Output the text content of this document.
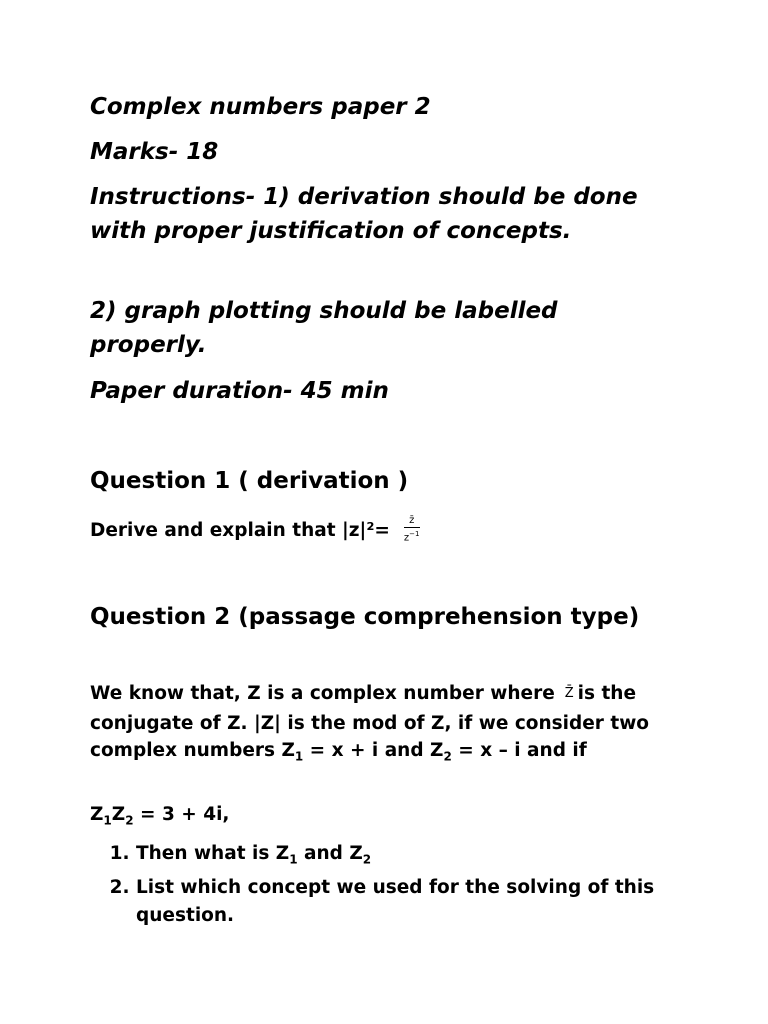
Complex numbers paper 2

Marks- 18

Instructions- 1) derivation should be done with proper justification of concepts.

2) graph plotting should be labelled properly.

Paper duration- 45 min

Question 1 ( derivation )

Derive and explain that $|z|^2= \frac{z̄}{z^{-1}}$

Question 2 (passage comprehension type)

We know that, Z is a complex number where Z̄ is the conjugate of Z. |Z| is the mod of Z, if we consider two complex numbers $Z_1 = x + i$ and $Z_2 = x - i$ and if

$Z_1Z_2 = 3 + 4i$,

1. Then what is $Z_1$ and $Z_2$
2. List which concept we used for the solving of this question.
